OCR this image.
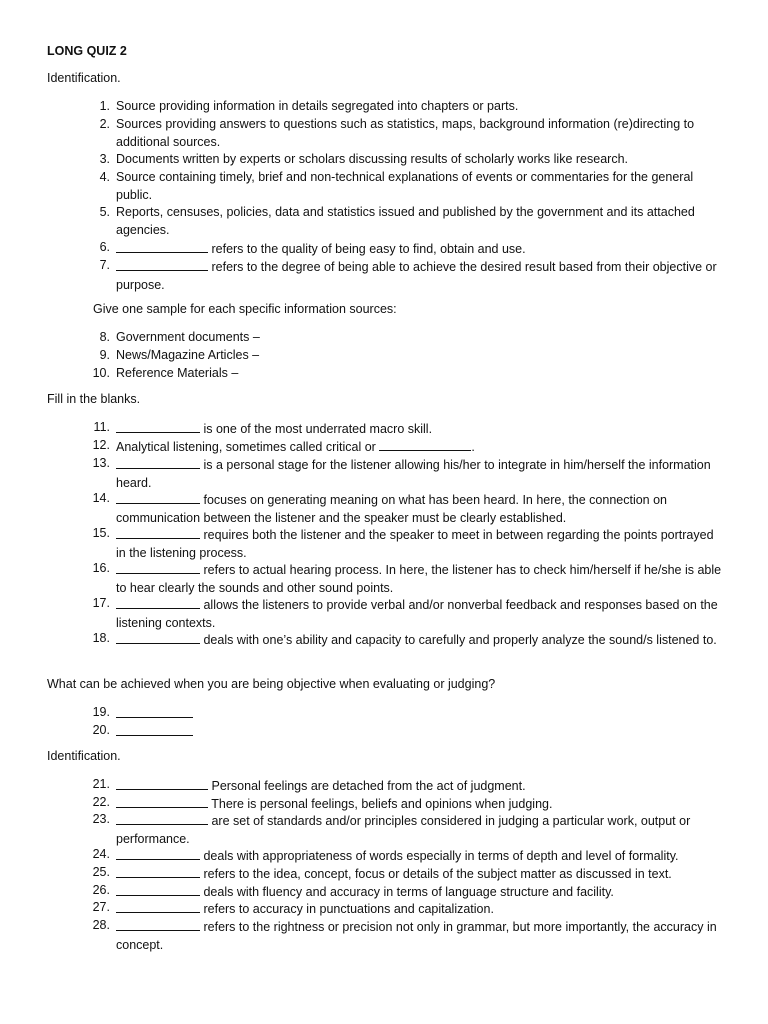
LONG QUIZ 2
Identification.
1. Source providing information in details segregated into chapters or parts.
2. Sources providing answers to questions such as statistics, maps, background information (re)directing to additional sources.
3. Documents written by experts or scholars discussing results of scholarly works like research.
4. Source containing timely, brief and non-technical explanations of events or commentaries for the general public.
5. Reports, censuses, policies, data and statistics issued and published by the government and its attached agencies.
6.	refers to the quality of being easy to find, obtain and use.
7.	refers to the degree of being able to achieve the desired result based from their objective or purpose.
Give one sample for each specific information sources:
8. Government documents –
9. News/Magazine Articles –
10. Reference Materials –
Fill in the blanks.
11.	is one of the most underrated macro skill.
12. Analytical listening, sometimes called critical or	.
13.	is a personal stage for the listener allowing his/her to integrate in him/herself the information heard.
14.	focuses on generating meaning on what has been heard. In here, the connection on communication between the listener and the speaker must be clearly established.
15.	requires both the listener and the speaker to meet in between regarding the points portrayed in the listening process.
16.	refers to actual hearing process. In here, the listener has to check him/herself if he/she is able to hear clearly the sounds and other sound points.
17.	allows the listeners to provide verbal and/or nonverbal feedback and responses based on the listening contexts.
18.	deals with one’s ability and capacity to carefully and properly analyze the sound/s listened to.
What can be achieved when you are being objective when evaluating or judging?
19.
20.
Identification.
21.	Personal feelings are detached from the act of judgment.
22.	There is personal feelings, beliefs and opinions when judging.
23.	are set of standards and/or principles considered in judging a particular work, output or performance.
24.	deals with appropriateness of words especially in terms of depth and level of formality.
25.	refers to the idea, concept, focus or details of the subject matter as discussed in text.
26.	deals with fluency and accuracy in terms of language structure and facility.
27.	refers to accuracy in punctuations and capitalization.
28.	refers to the rightness or precision not only in grammar, but more importantly, the accuracy in concept.
